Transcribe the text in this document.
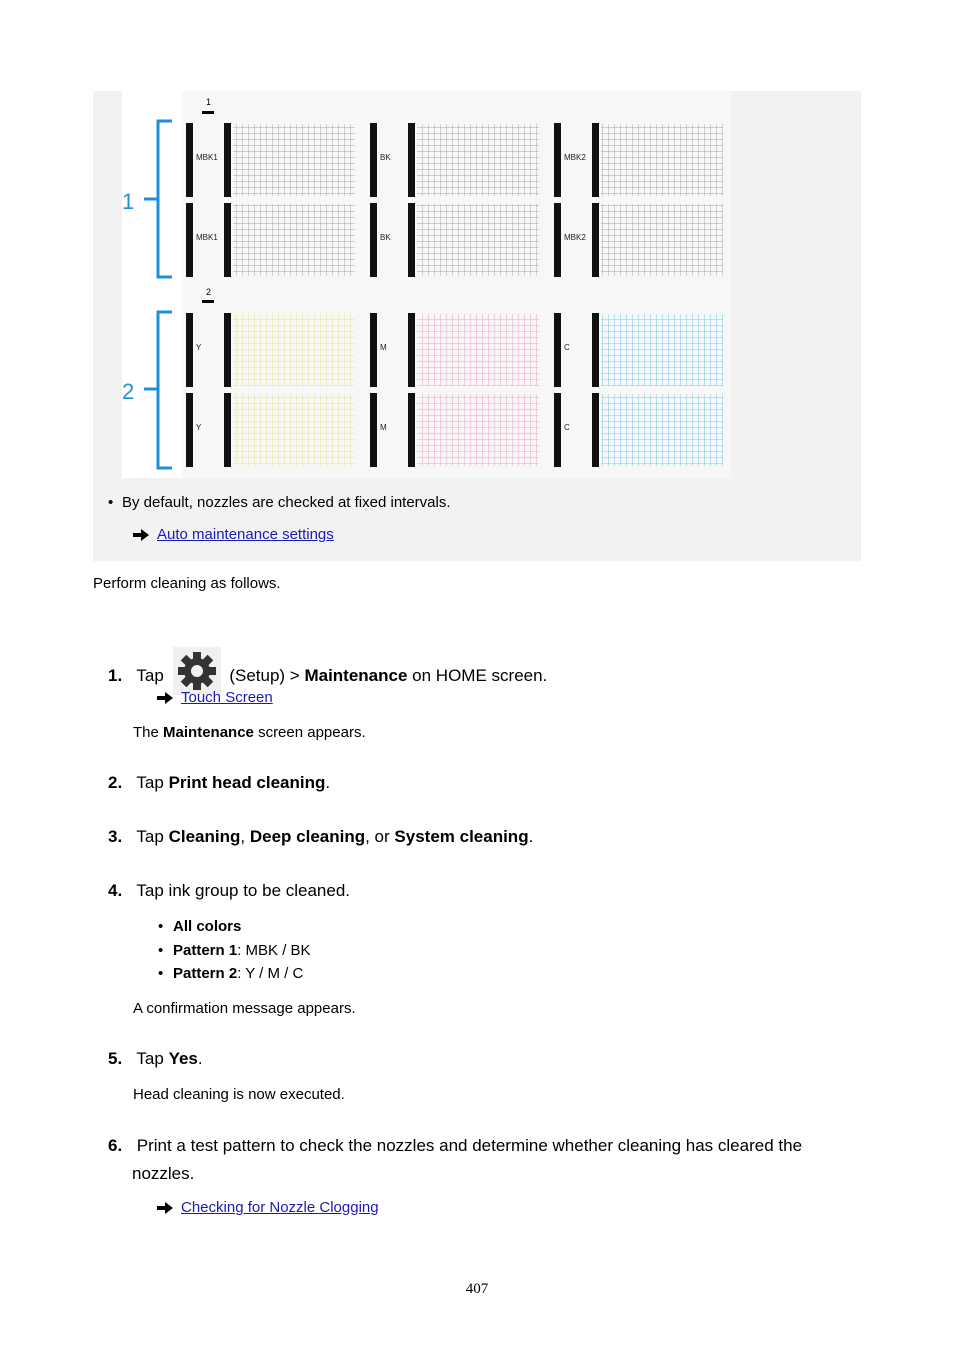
1
2
1
2
MBK1	BK	MBK2
MBK1	BK	MBK2
Y	M	C
Y	M	C
• By default, nozzles are checked at fixed intervals.
Auto maintenance settings
Perform cleaning as follows.
1. Tap	(Setup) > Maintenance on HOME screen.
Touch Screen
The Maintenance screen appears.
2. Tap Print head cleaning.
3. Tap Cleaning, Deep cleaning, or System cleaning.
4. Tap ink group to be cleaned.
• All colors
• Pattern 1: MBK / BK
• Pattern 2: Y / M / C
A confirmation message appears.
5. Tap Yes.
Head cleaning is now executed.
6. Print a test pattern to check the nozzles and determine whether cleaning has cleared the
nozzles.
Checking for Nozzle Clogging
407
